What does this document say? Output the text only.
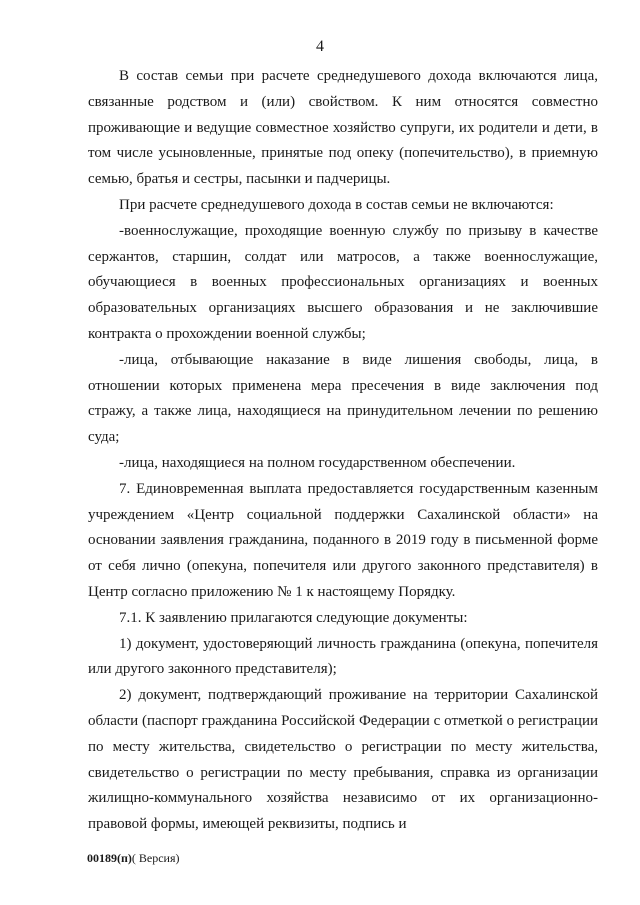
4

В состав семьи при расчете среднедушевого дохода включаются лица, связанные родством и (или) свойством. К ним относятся совместно проживающие и ведущие совместное хозяйство супруги, их родители и дети, в том числе усыновленные, принятые под опеку (попечительство), в приемную семью, братья и сестры, пасынки и падчерицы.

При расчете среднедушевого дохода в состав семьи не включаются:

-военнослужащие, проходящие военную службу по призыву в качестве сержантов, старшин, солдат или матросов, а также военнослужащие, обучающиеся в военных профессиональных организациях и военных образовательных организациях высшего образования и не заключившие контракта о прохождении военной службы;

-лица, отбывающие наказание в виде лишения свободы, лица, в отношении которых применена мера пресечения в виде заключения под стражу, а также лица, находящиеся на принудительном лечении по решению суда;

-лица, находящиеся на полном государственном обеспечении.

7. Единовременная выплата предоставляется государственным казенным учреждением «Центр социальной поддержки Сахалинской области» на основании заявления гражданина, поданного в 2019 году в письменной форме от себя лично (опекуна, попечителя или другого законного представителя) в Центр согласно приложению № 1 к настоящему Порядку.

7.1. К заявлению прилагаются следующие документы:

1) документ, удостоверяющий личность гражданина (опекуна, попечителя или другого законного представителя);

2) документ, подтверждающий проживание на территории Сахалинской области (паспорт гражданина Российской Федерации с отметкой о регистрации по месту жительства, свидетельство о регистрации по месту жительства, свидетельство о регистрации по месту пребывания, справка из организации жилищно-коммунального хозяйства независимо от их организационно-правовой формы, имеющей реквизиты, подпись и

00189(п)( Версия)
